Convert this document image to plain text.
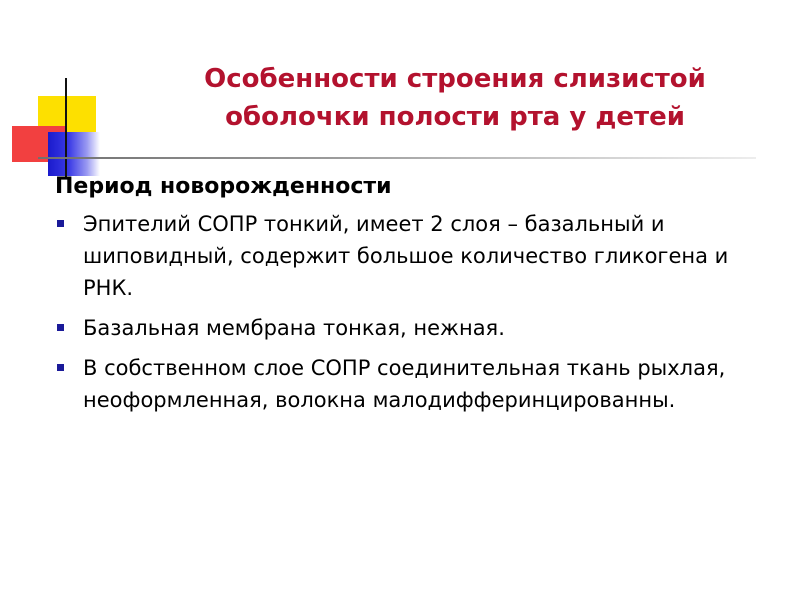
Особенности строения слизистой
оболочки полости рта у детей
Период новорожденности
Эпителий СОПР тонкий, имеет 2 слоя – базальный и шиповидный, содержит большое количество гликогена и РНК.
Базальная мембрана тонкая, нежная.
В собственном слое СОПР соединительная ткань рыхлая, неоформленная, волокна малодифферинцированны.
